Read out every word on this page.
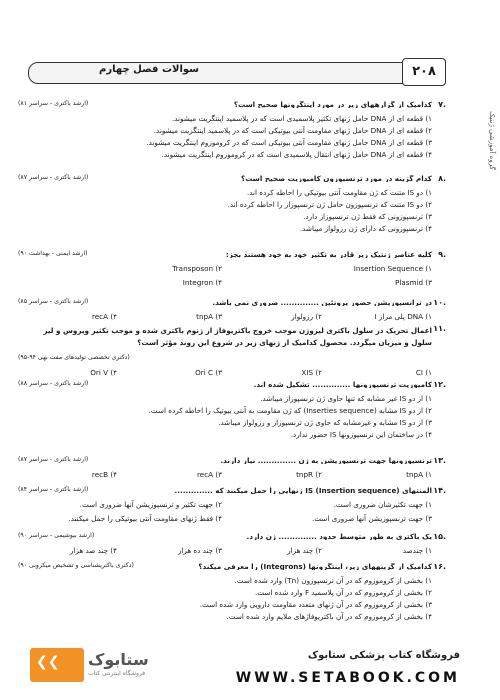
سوالات فصل چهارم	۲۰۸
گروه آموزشی ژنتیک
۷.
کدامیک از گزارههای زیر در مورد اینتگرونها صحیح است؟
(ارشد باکتری - سراسر ۸۱)
۱) قطعه ای از DNA حامل ژنهای تکثیر پلاسمیدی است که در پلاسمید اینتگریت میشوند.
۲) قطعه ای از DNA حامل ژنهای مقاومت آنتی بیوتیکی است که در پلاسمید اینتگریت میشوند.
۳) قطعه ای از DNA حامل ژنهای مقاومت آنتی بیوتیکی است که در کروموزوم اینتگریت میشوند.
۴) قطعه ای از DNA حامل ژنهای انتقال پلاسمیدی است که در کروموزوم اینتگریت میشوند.
۸.
کدام گزینه در مورد ترنسپوزون کامپوزیت صحیح است؟
(ارشد باکتری - سراسر ۸۷)
۱) دو IS متنت که ژن مقاومت آنتی بیوتیکی را احاطه کرده اند.
۲) دو IS متنت که ترنسپوزون حامل ژن ترنسپوزاز را احاطه کرده اند.
۳) ترنسپوزونی که فقط ژن ترنسپوزاز دارد.
۴) ترنسپوزونی که دارای ژن رزولواز میباشد.
۹.
کلیه عناصر ژنتیک زیر قادر به تکثیر خود به خود هستند بجز:
(ارشد ایمنی - بهداشت ۹۰)
۱) Insertion Sequence
۲) Transposon
۳) Plasmid
۴) Integron
۱۰.
در ترانسپوزیشن حضور پروتئین .............. ضروری نمی باشد.
(ارشد باکتری - سراسر ۸۵)
۱) DNA پلی مراز I
۲) رزولواز
۳) tnpA
۴) recA
۱۱.
اعمال تحریک در سلول باکتری لیزوژن موجب خروج باکتریوفاژ از ژنوم باکتری شده و موجب تکثیر ویروس و لیز سلول و میزبان میگردد. محصول کدامیک از ژنهای زیر در شروع این روند مؤثر است؟
(دکتری تخصصی تولیدهای مفت بهی ۹۴-۹۵)
۱) CI
۲) XIS
۳) Ori C
۴) Ori V
۱۲.
کامپوزیت ترنسپوزونها .............. تشکیل شده اند.
(ارشد باکتری - سراسر ۸۸)
۱) از دو IS غیر مشابه که تنها حاوی ژن ترنسپوزاز میباشد.
۲) از دو IS مشابه (Inserties sequence) که ژن مقاومت به آنتی بیوتیک را احاطه کرده است.
۳) از دو IS مشابه و غیرمشابه که حاوی ژن ترنسپوزاز و رزولواز میباشد.
۴) در ساختمان این ترنسپوزونها IS حضور ندارد.
۱۳.
ترنسپوزونها جهت ترنسپوزیشن به ژن .............. نیاز دارند.
(ارشد باکتری - سراسر ۸۷)
۱) tnpA
۲) tnpR
۳) recA
۴) recB
۱۴.
المنتهای IS (Insertion sequence) ژنهایی را حمل میکنند که ..............
(ارشد باکتری - سراسر ۸۴)
۱) جهت تکثیرشان ضروری است.
۲) جهت تکثیر و ترنسپوزیشن آنها ضروری است.
۳) جهت ترنسپوزیشن آنها ضروری است.
۴) فقط ژنهای مقاومت آنتی بیوتیکی را حمل میکنند.
۱۵.
یک باکتری به طور متوسط حدود .............. ژن دارد.
(ارشد بیوشیمی - سراسر ۹۰)
۱) چندصد
۲) چند هزار
۳) چند ده هزار
۴) چند صد هزار
۱۶.
کدامیک از گزینههای زیر، اینتگرونها (Integrons) را معرفی میکند؟
(دکتری باکتریشناسی و تشخیص میکروبی ۹۰)
۱) بخشی از کروموزوم که در آن ترنسپوزون (Tn) وارد شده است.
۲) بخشی از کروموزوم که در آن پلاسمید F وارد شده است.
۳) بخشی از کروموزوم که در آن ژنهای متعدد مقاومت دارویی وارد شده است.
۴) بخشی از کروموزوم که در آن باکتریوفاژهای ملایم وارد شده است.
❮❮ ستابوک
فروشگاه اینترنتی کتاب
فروشگاه کتاب پزشکی ستابوک
WWW.SETABOOK.COM
